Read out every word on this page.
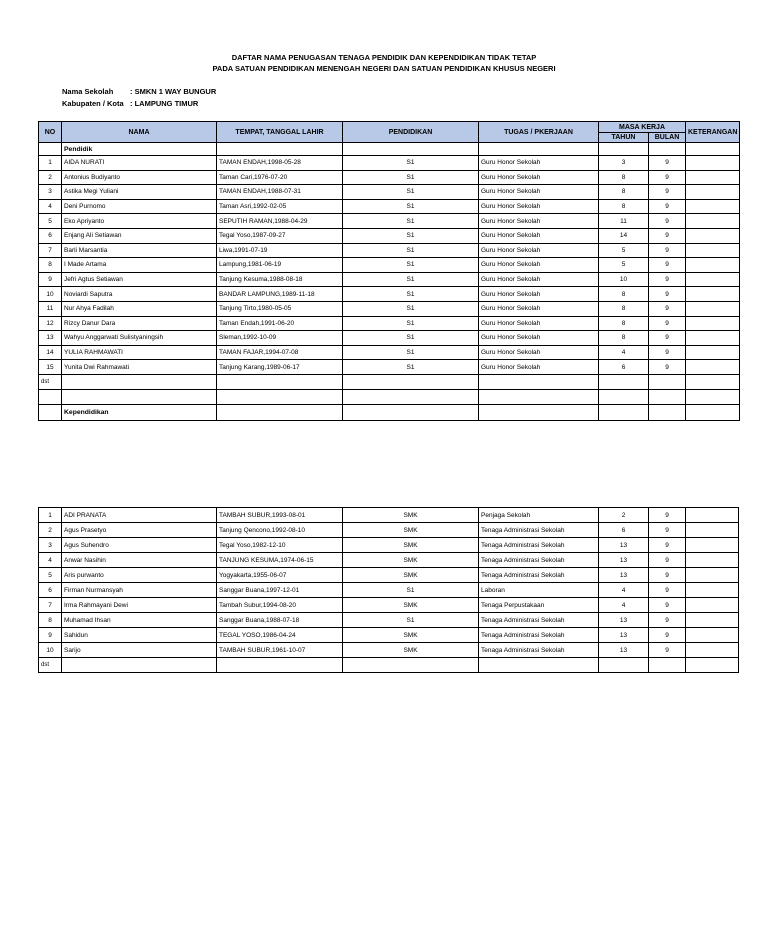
DAFTAR NAMA PENUGASAN TENAGA PENDIDIK DAN KEPENDIDIKAN TIDAK TETAP
PADA SATUAN PENDIDIKAN MENENGAH NEGERI DAN SATUAN PENDIDIKAN KHUSUS NEGERI
Nama Sekolah : SMKN 1 WAY BUNGUR
Kabupaten / Kota : LAMPUNG TIMUR
NO	NAMA	TEMPAT, TANGGAL LAHIR	PENDIDIKAN	TUGAS / PKERJAAN	MASA KERJA		KETERANGAN
					TAHUN	BULAN	
	Pendidik						
1	AIDA NURATI	TAMAN ENDAH,1998-05-28	S1	Guru Honor Sekolah	3	9	
2	Antonius Budiyanto	Taman Cari,1976-07-20	S1	Guru Honor Sekolah	8	9	
3	Astika Megi Yuliani	TAMAN ENDAH,1988-07-31	S1	Guru Honor Sekolah	8	9	
4	Deni Purnomo	Taman Asri,1992-02-05	S1	Guru Honor Sekolah	8	9	
5	Eko Apriyanto	SEPUTIH RAMAN,1988-04-29	S1	Guru Honor Sekolah	11	9	
6	Enjang Ali Setiawan	Tegal Yoso,1987-09-27	S1	Guru Honor Sekolah	14	9	
7	Barli Marsantia	Liwa,1991-07-19	S1	Guru Honor Sekolah	5	9	
8	I Made Artama	Lampung,1981-06-19	S1	Guru Honor Sekolah	5	9	
9	Jefri Agtus Setiawan	Tanjung Kesuma,1988-08-18	S1	Guru Honor Sekolah	10	9	
10	Noviardi Saputra	BANDAR LAMPUNG,1989-11-18	S1	Guru Honor Sekolah	8	9	
11	Nur Ahya Fadilah	Tanjung Tirto,1980-05-05	S1	Guru Honor Sekolah	8	9	
12	Rizcy Danur Dara	Taman Endah,1991-06-20	S1	Guru Honor Sekolah	8	9	
13	Wahyu Anggarwati Sulistyaningsih	Sleman,1992-10-09	S1	Guru Honor Sekolah	8	9	
14	YULIA RAHMAWATI	TAMAN FAJAR,1994-07-08	S1	Guru Honor Sekolah	4	9	
15	Yunita Dwi Rahmawati	Tanjung Karang,1989-06-17	S1	Guru Honor Sekolah	6	9	
dst							

	Kependidikan						
1	ADI PRANATA	TAMBAH SUBUR,1993-08-01	SMK	Penjaga Sekolah	2	9	
2	Agus Prasetyo	Tanjung Qencono,1992-08-10	SMK	Tenaga Administrasi Sekolah	6	9	
3	Agus Suhendro	Tegal Yoso,1982-12-10	SMK	Tenaga Administrasi Sekolah	13	9	
4	Anwar Nasihin	TANJUNG KESUMA,1974-06-15	SMK	Tenaga Administrasi Sekolah	13	9	
5	Aris purwanto	Yogyakarta,1955-06-07	SMK	Tenaga Administrasi Sekolah	13	9	
6	Firman Nurmansyah	Sanggar Buana,1997-12-01	S1	Laboran	4	9	
7	Irma Rahmayani Dewi	Tambah Subur,1994-08-20	SMK	Tenaga Perpustakaan	4	9	
8	Muhamad Ihsan	Sanggar Buana,1988-07-18	S1	Tenaga Administrasi Sekolah	13	9	
9	Sahidun	TEGAL YOSO,1986-04-24	SMK	Tenaga Administrasi Sekolah	13	9	
10	Sarijo	TAMBAH SUBUR,1961-10-07	SMK	Tenaga Administrasi Sekolah	13	9	
dst							
